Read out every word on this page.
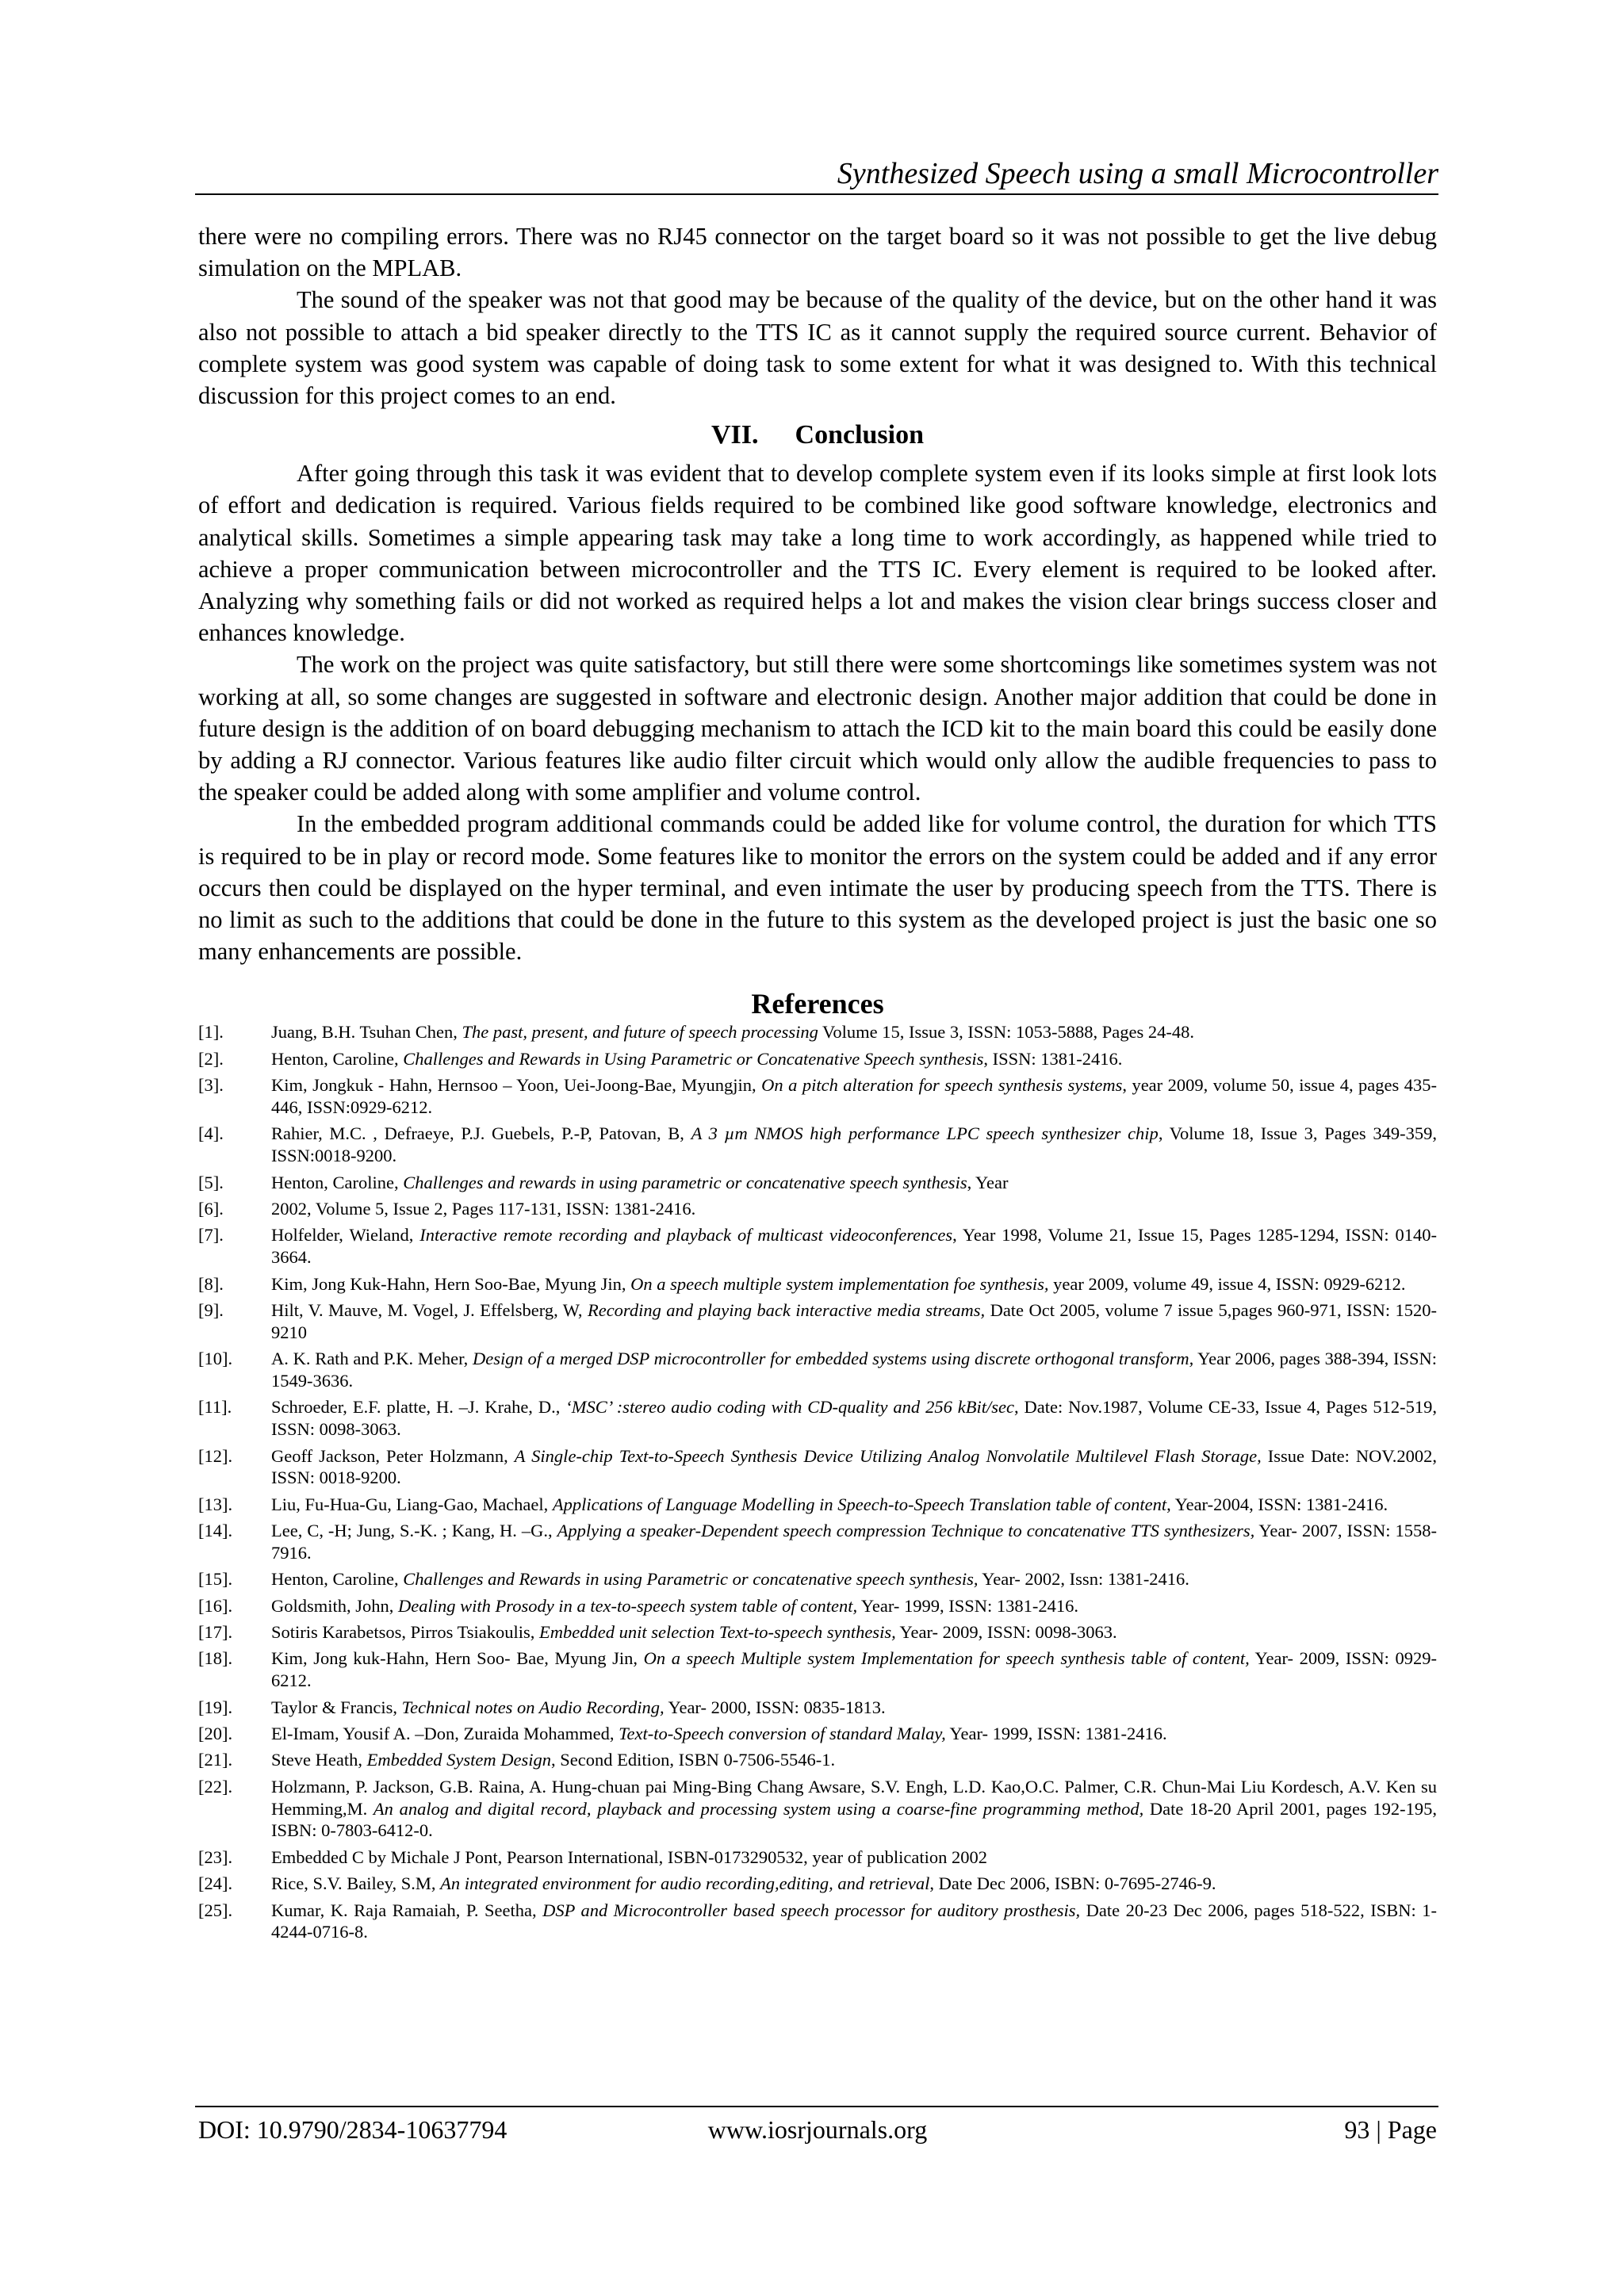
Synthesized Speech using a small Microcontroller

there were no compiling errors. There was no RJ45 connector on the target board so it was not possible to get the live debug simulation on the MPLAB.

The sound of the speaker was not that good may be because of the quality of the device, but on the other hand it was also not possible to attach a bid speaker directly to the TTS IC as it cannot supply the required source current. Behavior of complete system was good system was capable of doing task to some extent for what it was designed to. With this technical discussion for this project comes to an end.

VII. Conclusion

After going through this task it was evident that to develop complete system even if its looks simple at first look lots of effort and dedication is required. Various fields required to be combined like good software knowledge, electronics and analytical skills. Sometimes a simple appearing task may take a long time to work accordingly, as happened while tried to achieve a proper communication between microcontroller and the TTS IC. Every element is required to be looked after. Analyzing why something fails or did not worked as required helps a lot and makes the vision clear brings success closer and enhances knowledge.

The work on the project was quite satisfactory, but still there were some shortcomings like sometimes system was not working at all, so some changes are suggested in software and electronic design. Another major addition that could be done in future design is the addition of on board debugging mechanism to attach the ICD kit to the main board this could be easily done by adding a RJ connector. Various features like audio filter circuit which would only allow the audible frequencies to pass to the speaker could be added along with some amplifier and volume control.

In the embedded program additional commands could be added like for volume control, the duration for which TTS is required to be in play or record mode. Some features like to monitor the errors on the system could be added and if any error occurs then could be displayed on the hyper terminal, and even intimate the user by producing speech from the TTS. There is no limit as such to the additions that could be done in the future to this system as the developed project is just the basic one so many enhancements are possible.

References
[1].	Juang, B.H. Tsuhan Chen, The past, present, and future of speech processing Volume 15, Issue 3, ISSN: 1053-5888, Pages 24-48.
[2].	Henton, Caroline, Challenges and Rewards in Using Parametric or Concatenative Speech synthesis, ISSN: 1381-2416.
[3].	Kim, Jongkuk - Hahn, Hernsoo – Yoon, Uei-Joong-Bae, Myungjin, On a pitch alteration for speech synthesis systems, year 2009, volume 50, issue 4, pages 435-446, ISSN:0929-6212.
[4].	Rahier, M.C. , Defraeye, P.J. Guebels, P.-P, Patovan, B, A 3 µm NMOS high performance LPC speech synthesizer chip, Volume 18, Issue 3, Pages 349-359, ISSN:0018-9200.
[5].	Henton, Caroline, Challenges and rewards in using parametric or concatenative speech synthesis, Year
[6].	2002, Volume 5, Issue 2, Pages 117-131, ISSN: 1381-2416.
[7].	Holfelder, Wieland, Interactive remote recording and playback of multicast videoconferences, Year 1998, Volume 21, Issue 15, Pages 1285-1294, ISSN: 0140-3664.
[8].	Kim, Jong Kuk-Hahn, Hern Soo-Bae, Myung Jin, On a speech multiple system implementation foe synthesis, year 2009, volume 49, issue 4, ISSN: 0929-6212.
[9].	Hilt, V. Mauve, M. Vogel, J. Effelsberg, W, Recording and playing back interactive media streams, Date Oct 2005, volume 7 issue 5,pages 960-971, ISSN: 1520-9210
[10].	A. K. Rath and P.K. Meher, Design of a merged DSP microcontroller for embedded systems using discrete orthogonal transform, Year 2006, pages 388-394, ISSN: 1549-3636.
[11].	Schroeder, E.F. platte, H. –J. Krahe, D., ‘MSC’ :stereo audio coding with CD-quality and 256 kBit/sec, Date: Nov.1987, Volume CE-33, Issue 4, Pages 512-519, ISSN: 0098-3063.
[12].	Geoff Jackson, Peter Holzmann, A Single-chip Text-to-Speech Synthesis Device Utilizing Analog Nonvolatile Multilevel Flash Storage, Issue Date: NOV.2002, ISSN: 0018-9200.
[13].	Liu, Fu-Hua-Gu, Liang-Gao, Machael, Applications of Language Modelling in Speech-to-Speech Translation table of content, Year-2004, ISSN: 1381-2416.
[14].	Lee, C, -H; Jung, S.-K. ; Kang, H. –G., Applying a speaker-Dependent speech compression Technique to concatenative TTS synthesizers, Year- 2007, ISSN: 1558-7916.
[15].	Henton, Caroline, Challenges and Rewards in using Parametric or concatenative speech synthesis, Year- 2002, Issn: 1381-2416.
[16].	Goldsmith, John, Dealing with Prosody in a tex-to-speech system table of content, Year- 1999, ISSN: 1381-2416.
[17].	Sotiris Karabetsos, Pirros Tsiakoulis, Embedded unit selection Text-to-speech synthesis, Year- 2009, ISSN: 0098-3063.
[18].	Kim, Jong kuk-Hahn, Hern Soo- Bae, Myung Jin, On a speech Multiple system Implementation for speech synthesis table of content, Year- 2009, ISSN: 0929-6212.
[19].	Taylor & Francis, Technical notes on Audio Recording, Year- 2000, ISSN: 0835-1813.
[20].	El-Imam, Yousif A. –Don, Zuraida Mohammed, Text-to-Speech conversion of standard Malay, Year- 1999, ISSN: 1381-2416.
[21].	Steve Heath, Embedded System Design, Second Edition, ISBN 0-7506-5546-1.
[22].	Holzmann, P. Jackson, G.B. Raina, A. Hung-chuan pai Ming-Bing Chang Awsare, S.V. Engh, L.D. Kao,O.C. Palmer, C.R. Chun-Mai Liu Kordesch, A.V. Ken su Hemming,M. An analog and digital record, playback and processing system using a coarse-fine programming method, Date 18-20 April 2001, pages 192-195, ISBN: 0-7803-6412-0.
[23].	Embedded C by Michale J Pont, Pearson International, ISBN-0173290532, year of publication 2002
[24].	Rice, S.V. Bailey, S.M, An integrated environment for audio recording,editing, and retrieval, Date Dec 2006, ISBN: 0-7695-2746-9.
[25].	Kumar, K. Raja Ramaiah, P. Seetha, DSP and Microcontroller based speech processor for auditory prosthesis, Date 20-23 Dec 2006, pages 518-522, ISBN: 1-4244-0716-8.
DOI: 10.9790/2834-10637794	www.iosrjournals.org	93 | Page
